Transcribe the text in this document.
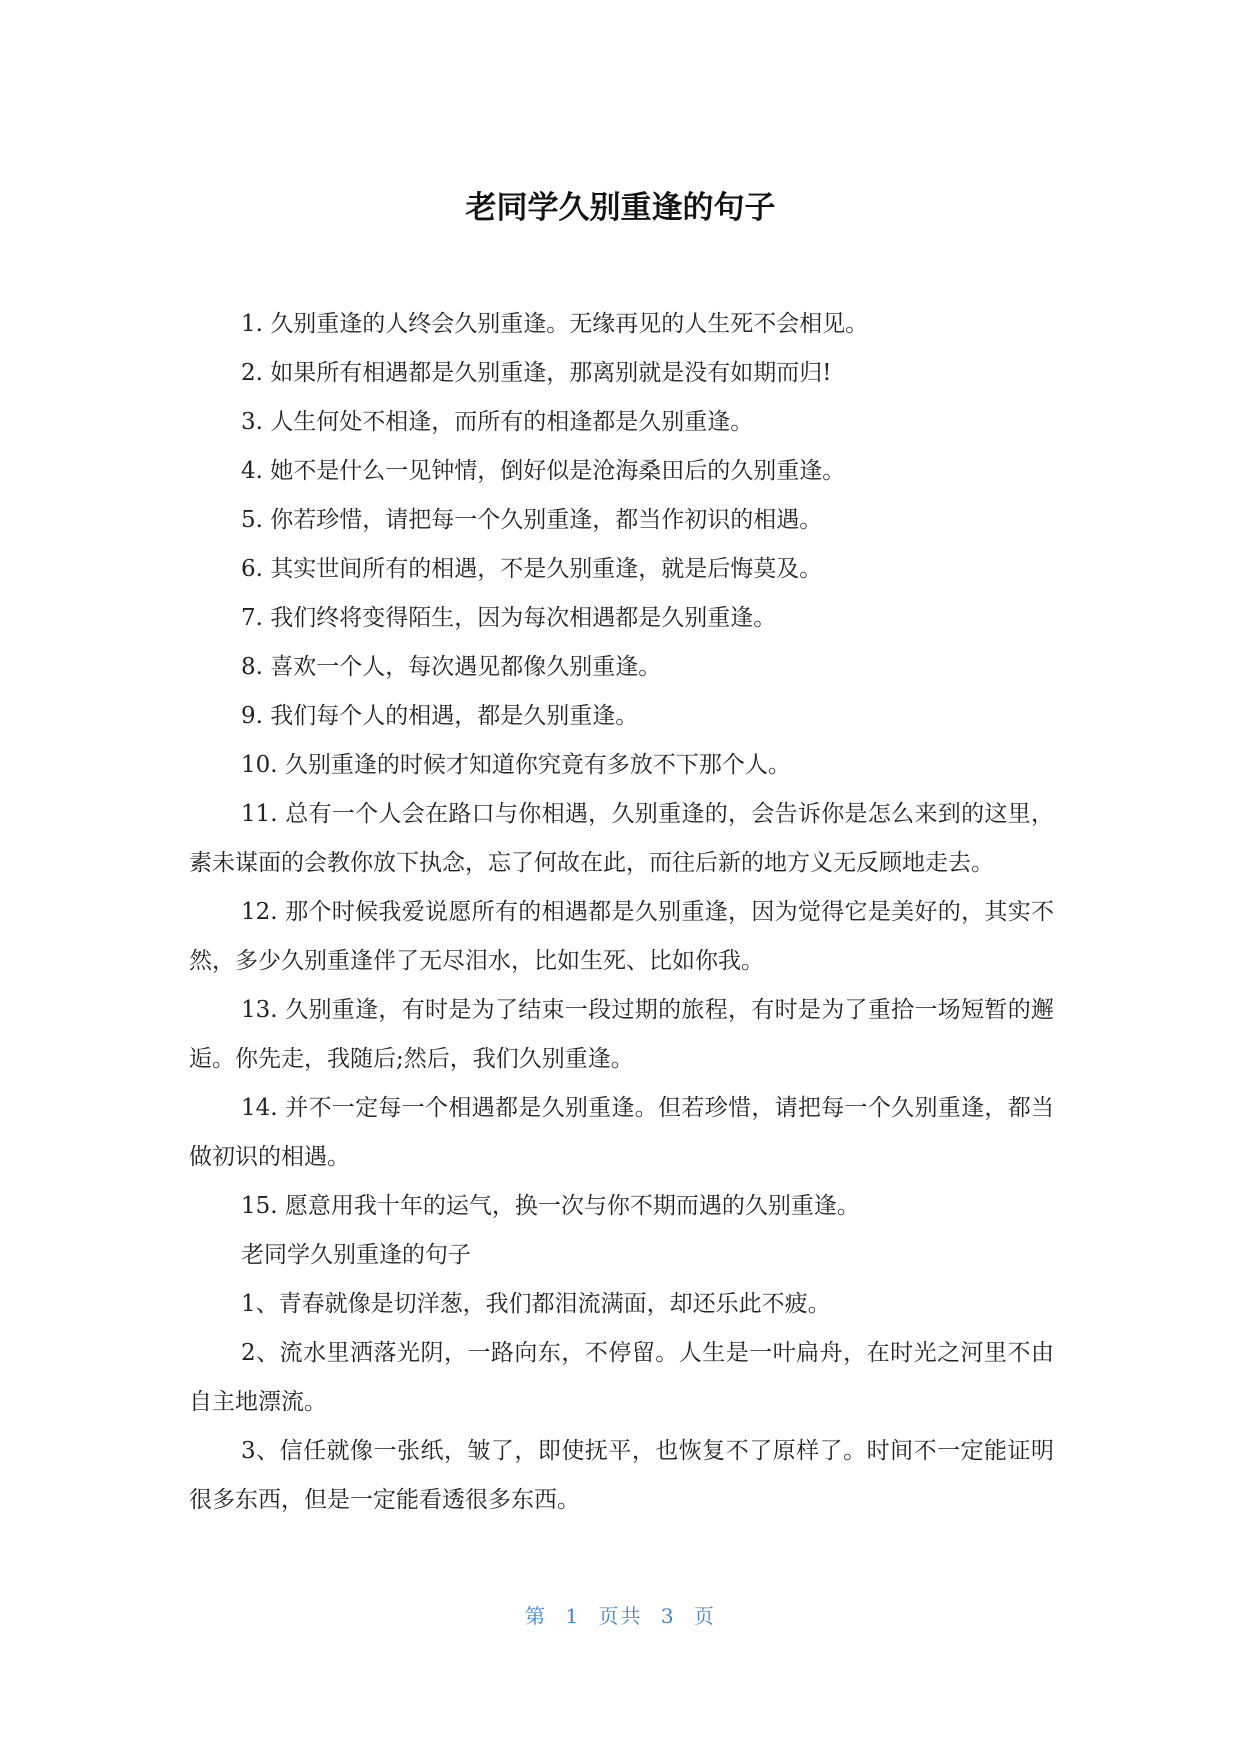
老同学久别重逢的句子

1. 久别重逢的人终会久别重逢。无缘再见的人生死不会相见。

2. 如果所有相遇都是久别重逢，那离别就是没有如期而归!

3. 人生何处不相逢，而所有的相逢都是久别重逢。

4. 她不是什么一见钟情，倒好似是沧海桑田后的久别重逢。

5. 你若珍惜，请把每一个久别重逢，都当作初识的相遇。

6. 其实世间所有的相遇，不是久别重逢，就是后悔莫及。

7. 我们终将变得陌生，因为每次相遇都是久别重逢。

8. 喜欢一个人，每次遇见都像久别重逢。

9. 我们每个人的相遇，都是久别重逢。

10. 久别重逢的时候才知道你究竟有多放不下那个人。

11. 总有一个人会在路口与你相遇，久别重逢的，会告诉你是怎么来到的这里，素未谋面的会教你放下执念，忘了何故在此，而往后新的地方义无反顾地走去。

12. 那个时候我爱说愿所有的相遇都是久别重逢，因为觉得它是美好的，其实不然，多少久别重逢伴了无尽泪水，比如生死、比如你我。

13. 久别重逢，有时是为了结束一段过期的旅程，有时是为了重拾一场短暂的邂逅。你先走，我随后;然后，我们久别重逢。

14. 并不一定每一个相遇都是久别重逢。但若珍惜，请把每一个久别重逢，都当做初识的相遇。

15. 愿意用我十年的运气，换一次与你不期而遇的久别重逢。

老同学久别重逢的句子

1、青春就像是切洋葱，我们都泪流满面，却还乐此不疲。

2、流水里洒落光阴，一路向东，不停留。人生是一叶扁舟，在时光之河里不由自主地漂流。

3、信任就像一张纸，皱了，即使抚平，也恢复不了原样了。时间不一定能证明很多东西，但是一定能看透很多东西。

第 1 页共 3 页
